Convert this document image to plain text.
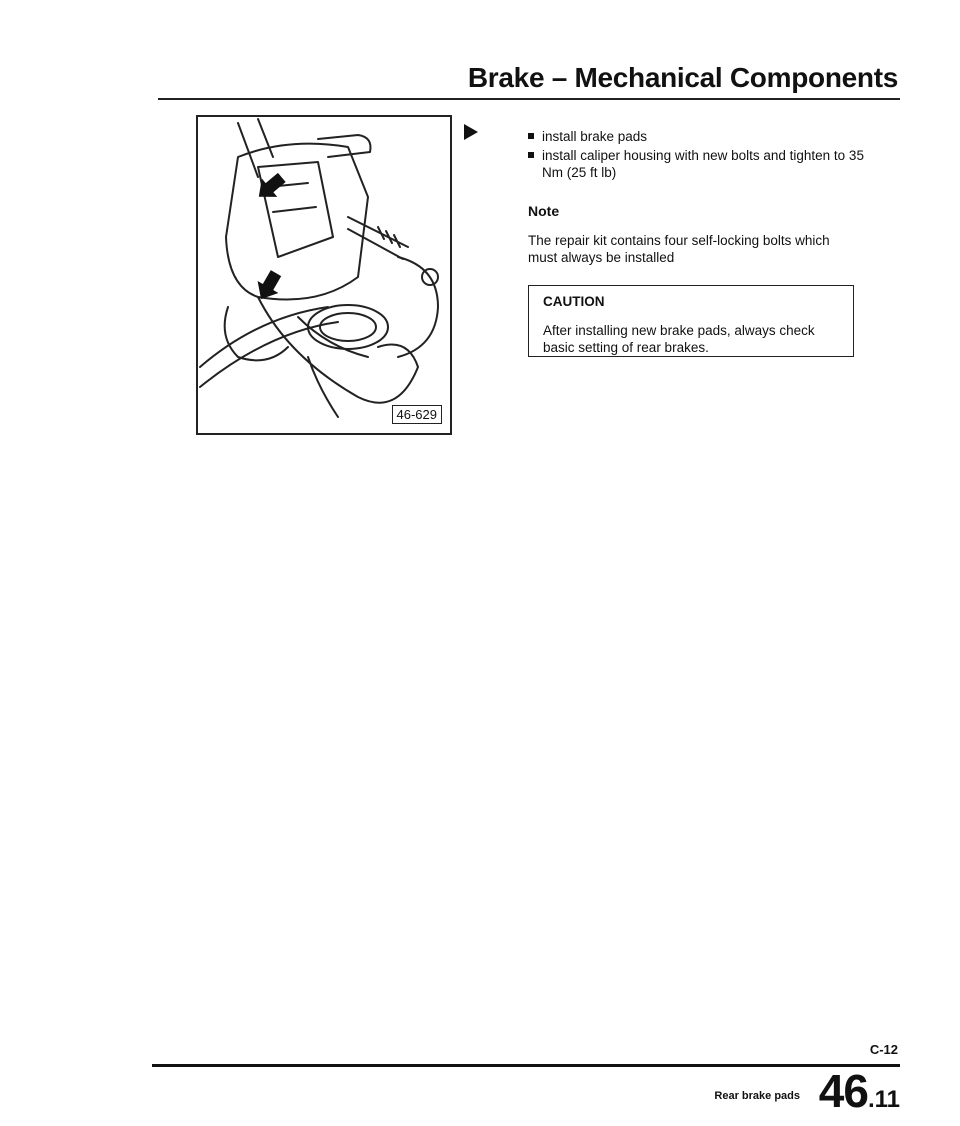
Brake – Mechanical Components
46-629
install brake pads
install caliper housing with new bolts and tighten to 35 Nm (25 ft lb)
Note
The repair kit contains four self-locking bolts which must always be installed
CAUTION
After installing new brake pads, always check basic setting of rear brakes.
C-12
Rear brake pads 46.11
